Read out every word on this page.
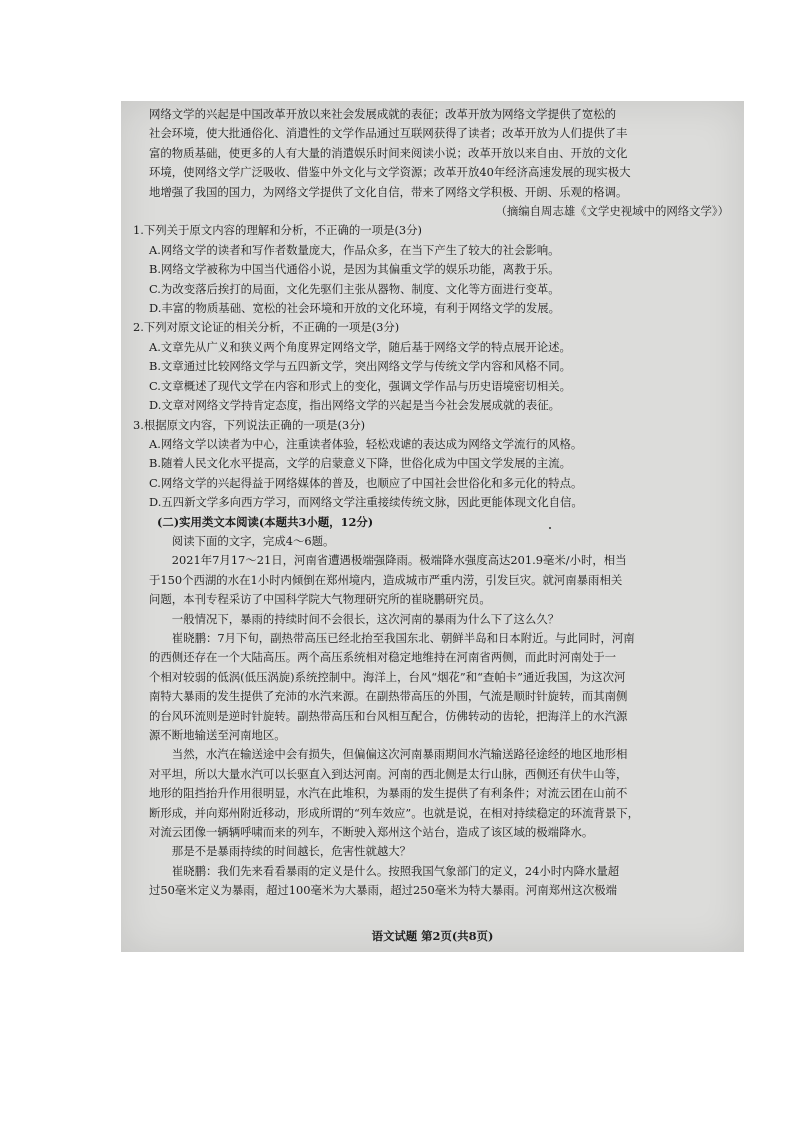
网络文学的兴起是中国改革开放以来社会发展成就的表征；改革开放为网络文学提供了宽松的

社会环境，使大批通俗化、消遣性的文学作品通过互联网获得了读者；改革开放为人们提供了丰

富的物质基础，使更多的人有大量的消遣娱乐时间来阅读小说；改革开放以来自由、开放的文化

环境，使网络文学广泛吸收、借鉴中外文化与文学资源；改革开放40年经济高速发展的现实极大

地增强了我国的国力，为网络文学提供了文化自信，带来了网络文学积极、开朗、乐观的格调。

（摘编自周志雄《文学史视域中的网络文学》）

1.下列关于原文内容的理解和分析，不正确的一项是(3分)

A.网络文学的读者和写作者数量庞大，作品众多，在当下产生了较大的社会影响。

B.网络文学被称为中国当代通俗小说，是因为其偏重文学的娱乐功能，离教于乐。

C.为改变落后挨打的局面，文化先驱们主张从器物、制度、文化等方面进行变革。

D.丰富的物质基础、宽松的社会环境和开放的文化环境，有利于网络文学的发展。

2.下列对原文论证的相关分析，不正确的一项是(3分)

A.文章先从广义和狭义两个角度界定网络文学，随后基于网络文学的特点展开论述。

B.文章通过比较网络文学与五四新文学，突出网络文学与传统文学内容和风格不同。

C.文章概述了现代文学在内容和形式上的变化，强调文学作品与历史语境密切相关。

D.文章对网络文学持肯定态度，指出网络文学的兴起是当今社会发展成就的表征。

3.根据原文内容，下列说法正确的一项是(3分)

A.网络文学以读者为中心，注重读者体验，轻松戏谑的表达成为网络文学流行的风格。

B.随着人民文化水平提高，文学的启蒙意义下降，世俗化成为中国文学发展的主流。

C.网络文学的兴起得益于网络媒体的普及，也顺应了中国社会世俗化和多元化的特点。

D.五四新文学多向西方学习，而网络文学注重接续传统文脉，因此更能体现文化自信。

(二)实用类文本阅读(本题共3小题，12分)

阅读下面的文字，完成4～6题。

2021年7月17～21日，河南省遭遇极端强降雨。极端降水强度高达201.9毫米/小时，相当

于150个西湖的水在1小时内倾倒在郑州境内，造成城市严重内涝，引发巨灾。就河南暴雨相关

问题，本刊专程采访了中国科学院大气物理研究所的崔晓鹏研究员。

一般情况下，暴雨的持续时间不会很长，这次河南的暴雨为什么下了这么久？

崔晓鹏：7月下旬，副热带高压已经北抬至我国东北、朝鲜半岛和日本附近。与此同时，河南

的西侧还存在一个大陆高压。两个高压系统相对稳定地维持在河南省两侧，而此时河南处于一

个相对较弱的低涡(低压涡旋)系统控制中。海洋上，台风“烟花”和“查帕卡”通近我国，为这次河

南特大暴雨的发生提供了充沛的水汽来源。在副热带高压的外围，气流是顺时针旋转，而其南侧

的台风环流则是逆时针旋转。副热带高压和台风相互配合，仿佛转动的齿轮，把海洋上的水汽源

源不断地输送至河南地区。

当然，水汽在输送途中会有损失，但偏偏这次河南暴雨期间水汽输送路径途经的地区地形相

对平坦，所以大量水汽可以长驱直入到达河南。河南的西北侧是太行山脉，西侧还有伏牛山等，

地形的阻挡抬升作用很明显，水汽在此堆积，为暴雨的发生提供了有利条件；对流云团在山前不

断形成，并向郑州附近移动，形成所谓的“列车效应”。也就是说，在相对持续稳定的环流背景下，

对流云团像一辆辆呼啸而来的列车，不断驶入郑州这个站台，造成了该区域的极端降水。

那是不是暴雨持续的时间越长，危害性就越大？

崔晓鹏：我们先来看看暴雨的定义是什么。按照我国气象部门的定义，24小时内降水量超

过50毫米定义为暴雨，超过100毫米为大暴雨，超过250毫米为特大暴雨。河南郑州这次极端

语文试题 第2页(共8页)
